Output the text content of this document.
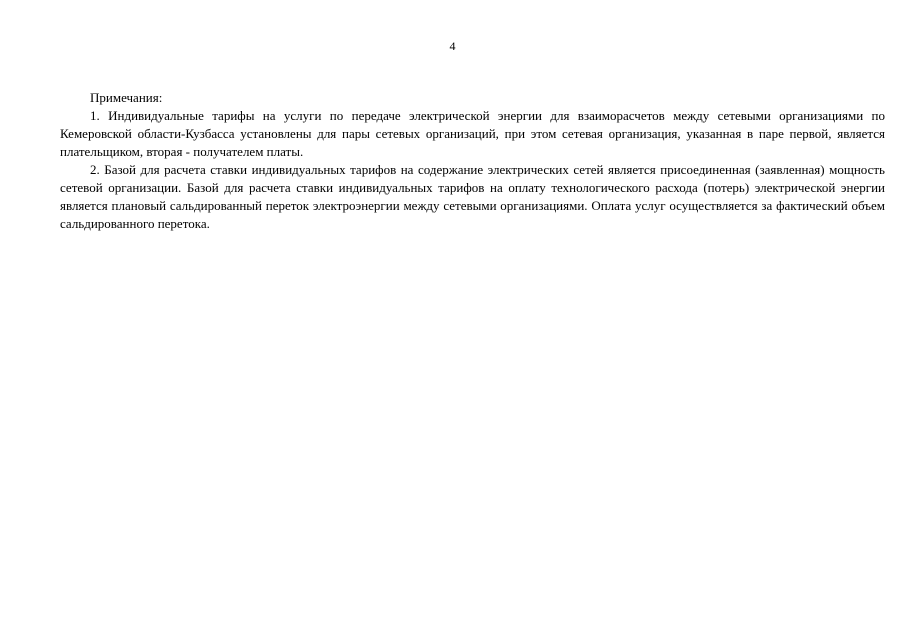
4

Примечания:

1. Индивидуальные тарифы на услуги по передаче электрической энергии для взаиморасчетов между сетевыми организациями по Кемеровской области-Кузбасса установлены для пары сетевых организаций, при этом сетевая организация, указанная в паре первой, является плательщиком, вторая - получателем платы.

2. Базой для расчета ставки индивидуальных тарифов на содержание электрических сетей является присоединенная (заявленная) мощность сетевой организации. Базой для расчета ставки индивидуальных тарифов на оплату технологического расхода (потерь) электрической энергии является плановый сальдированный переток электроэнергии между сетевыми организациями. Оплата услуг осуществляется за фактический объем сальдированного перетока.
